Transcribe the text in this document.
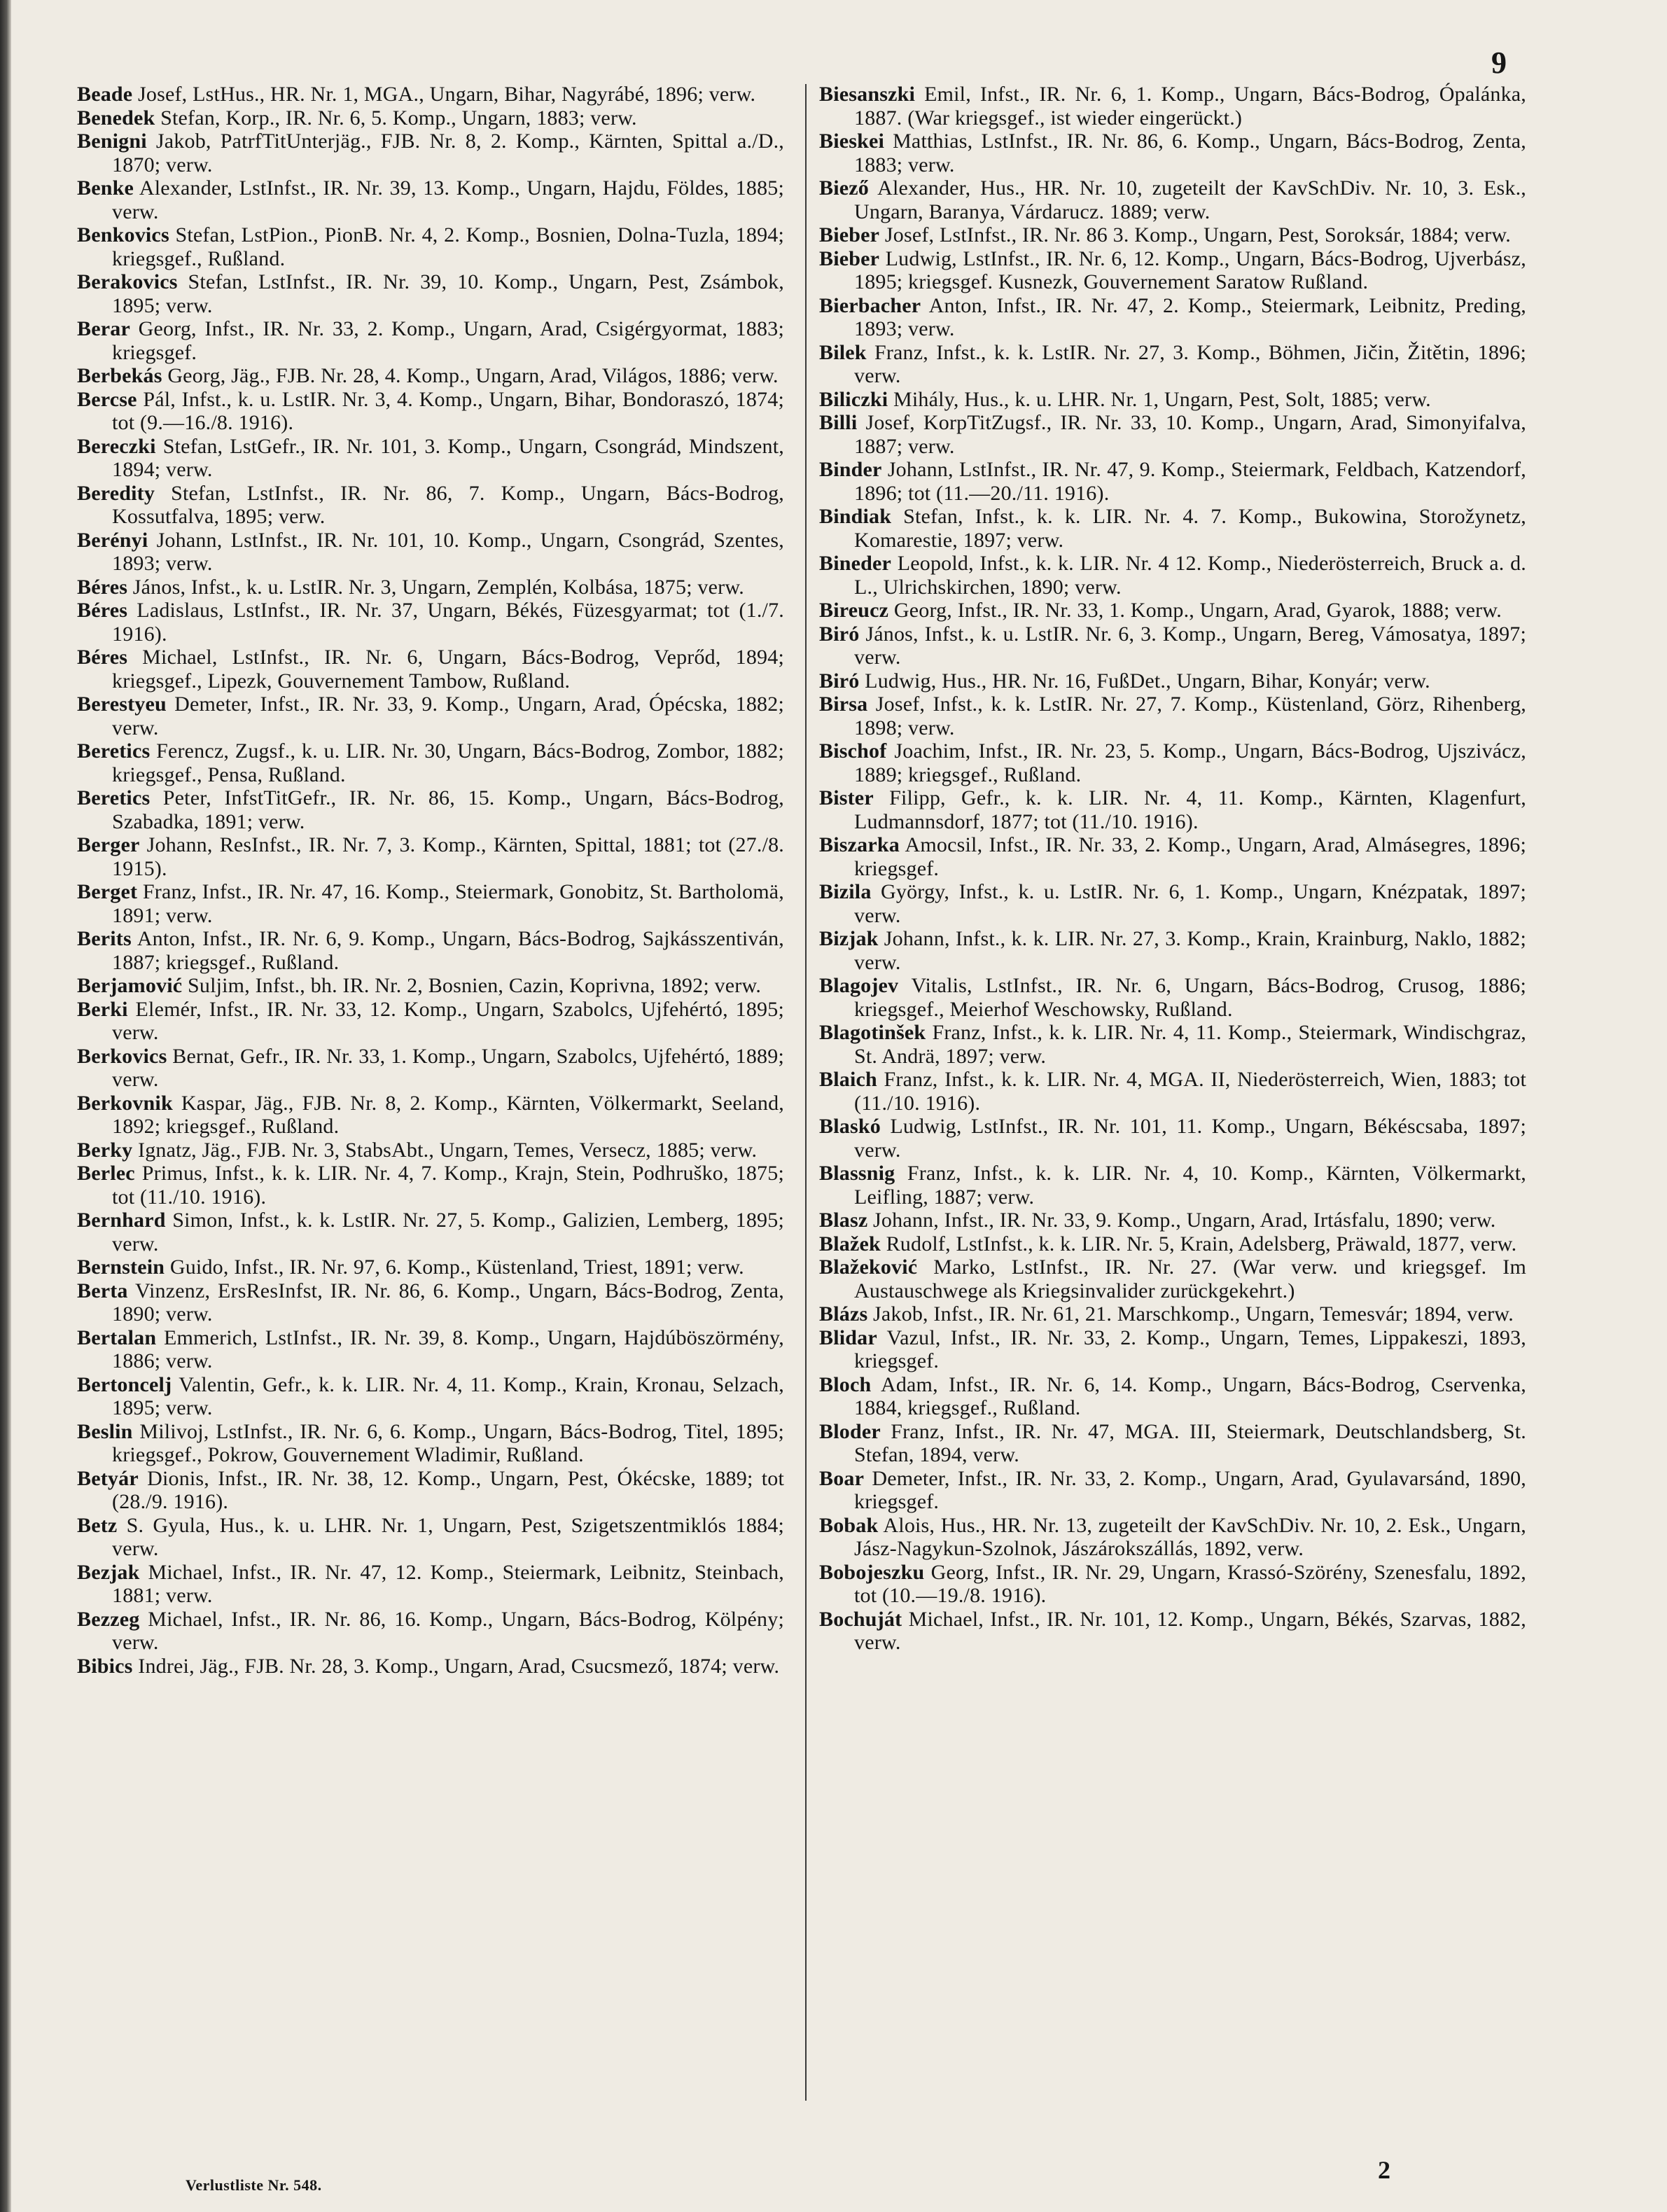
9

Beade Josef, LstHus., HR. Nr. 1, MGA., Ungarn, Bihar, Nagyrábé, 1896; verw.

Benedek Stefan, Korp., IR. Nr. 6, 5. Komp., Ungarn, 1883; verw.

Benigni Jakob, PatrfTitUnterjäg., FJB. Nr. 8, 2. Komp., Kärnten, Spittal a./D., 1870; verw.

Benke Alexander, LstInfst., IR. Nr. 39, 13. Komp., Ungarn, Hajdu, Földes, 1885; verw.

Benkovics Stefan, LstPion., PionB. Nr. 4, 2. Komp., Bosnien, Dolna-Tuzla, 1894; kriegsgef., Rußland.

Berakovics Stefan, LstInfst., IR. Nr. 39, 10. Komp., Ungarn, Pest, Zsámbok, 1895; verw.

Berar Georg, Infst., IR. Nr. 33, 2. Komp., Ungarn, Arad, Csigérgyormat, 1883; kriegsgef.

Berbekás Georg, Jäg., FJB. Nr. 28, 4. Komp., Ungarn, Arad, Világos, 1886; verw.

Bercse Pál, Infst., k. u. LstIR. Nr. 3, 4. Komp., Ungarn, Bihar, Bondoraszó, 1874; tot (9.—16./8. 1916).

Bereczki Stefan, LstGefr., IR. Nr. 101, 3. Komp., Ungarn, Csongrád, Mindszent, 1894; verw.

Beredity Stefan, LstInfst., IR. Nr. 86, 7. Komp., Ungarn, Bács-Bodrog, Kossutfalva, 1895; verw.

Berényi Johann, LstInfst., IR. Nr. 101, 10. Komp., Ungarn, Csongrád, Szentes, 1893; verw.

Béres János, Infst., k. u. LstIR. Nr. 3, Ungarn, Zemplén, Kolbása, 1875; verw.

Béres Ladislaus, LstInfst., IR. Nr. 37, Ungarn, Békés, Füzesgyarmat; tot (1./7. 1916).

Béres Michael, LstInfst., IR. Nr. 6, Ungarn, Bács-Bodrog, Veprőd, 1894; kriegsgef., Lipezk, Gouvernement Tambow, Rußland.

Berestyeu Demeter, Infst., IR. Nr. 33, 9. Komp., Ungarn, Arad, Ópécska, 1882; verw.

Beretics Ferencz, Zugsf., k. u. LIR. Nr. 30, Ungarn, Bács-Bodrog, Zombor, 1882; kriegsgef., Pensa, Rußland.

Beretics Peter, InfstTitGefr., IR. Nr. 86, 15. Komp., Ungarn, Bács-Bodrog, Szabadka, 1891; verw.

Berger Johann, ResInfst., IR. Nr. 7, 3. Komp., Kärnten, Spittal, 1881; tot (27./8. 1915).

Berget Franz, Infst., IR. Nr. 47, 16. Komp., Steiermark, Gonobitz, St. Bartholomä, 1891; verw.

Berits Anton, Infst., IR. Nr. 6, 9. Komp., Ungarn, Bács-Bodrog, Sajkásszentiván, 1887; kriegsgef., Rußland.

Berjamović Suljim, Infst., bh. IR. Nr. 2, Bosnien, Cazin, Koprivna, 1892; verw.

Berki Elemér, Infst., IR. Nr. 33, 12. Komp., Ungarn, Szabolcs, Ujfehértó, 1895; verw.

Berkovics Bernat, Gefr., IR. Nr. 33, 1. Komp., Ungarn, Szabolcs, Ujfehértó, 1889; verw.

Berkovnik Kaspar, Jäg., FJB. Nr. 8, 2. Komp., Kärnten, Völkermarkt, Seeland, 1892; kriegsgef., Rußland.

Berky Ignatz, Jäg., FJB. Nr. 3, StabsAbt., Ungarn, Temes, Versecz, 1885; verw.

Berlec Primus, Infst., k. k. LIR. Nr. 4, 7. Komp., Krajn, Stein, Podhruško, 1875; tot (11./10. 1916).

Bernhard Simon, Infst., k. k. LstIR. Nr. 27, 5. Komp., Galizien, Lemberg, 1895; verw.

Bernstein Guido, Infst., IR. Nr. 97, 6. Komp., Küstenland, Triest, 1891; verw.

Berta Vinzenz, ErsResInfst, IR. Nr. 86, 6. Komp., Ungarn, Bács-Bodrog, Zenta, 1890; verw.

Bertalan Emmerich, LstInfst., IR. Nr. 39, 8. Komp., Ungarn, Hajdúböszörmény, 1886; verw.

Bertoncelj Valentin, Gefr., k. k. LIR. Nr. 4, 11. Komp., Krain, Kronau, Selzach, 1895; verw.

Beslin Milivoj, LstInfst., IR. Nr. 6, 6. Komp., Ungarn, Bács-Bodrog, Titel, 1895; kriegsgef., Pokrow, Gouvernement Wladimir, Rußland.

Betyár Dionis, Infst., IR. Nr. 38, 12. Komp., Ungarn, Pest, Ókécske, 1889; tot (28./9. 1916).

Betz S. Gyula, Hus., k. u. LHR. Nr. 1, Ungarn, Pest, Szigetszentmiklós 1884; verw.

Bezjak Michael, Infst., IR. Nr. 47, 12. Komp., Steiermark, Leibnitz, Steinbach, 1881; verw.

Bezzeg Michael, Infst., IR. Nr. 86, 16. Komp., Ungarn, Bács-Bodrog, Kölpény; verw.

Bibics Indrei, Jäg., FJB. Nr. 28, 3. Komp., Ungarn, Arad, Csucsmező, 1874; verw.

Biesanszki Emil, Infst., IR. Nr. 6, 1. Komp., Ungarn, Bács-Bodrog, Ópalánka, 1887. (War kriegsgef., ist wieder eingerückt.)

Bieskei Matthias, LstInfst., IR. Nr. 86, 6. Komp., Ungarn, Bács-Bodrog, Zenta, 1883; verw.

Biező Alexander, Hus., HR. Nr. 10, zugeteilt der KavSchDiv. Nr. 10, 3. Esk., Ungarn, Baranya, Várdarucz. 1889; verw.

Bieber Josef, LstInfst., IR. Nr. 86 3. Komp., Ungarn, Pest, Soroksár, 1884; verw.

Bieber Ludwig, LstInfst., IR. Nr. 6, 12. Komp., Ungarn, Bács-Bodrog, Ujverbász, 1895; kriegsgef. Kusnezk, Gouvernement Saratow Rußland.

Bierbacher Anton, Infst., IR. Nr. 47, 2. Komp., Steiermark, Leibnitz, Preding, 1893; verw.

Bilek Franz, Infst., k. k. LstIR. Nr. 27, 3. Komp., Böhmen, Jičin, Žitětin, 1896; verw.

Biliczki Mihály, Hus., k. u. LHR. Nr. 1, Ungarn, Pest, Solt, 1885; verw.

Billi Josef, KorpTitZugsf., IR. Nr. 33, 10. Komp., Ungarn, Arad, Simonyifalva, 1887; verw.

Binder Johann, LstInfst., IR. Nr. 47, 9. Komp., Steiermark, Feldbach, Katzendorf, 1896; tot (11.—20./11. 1916).

Bindiak Stefan, Infst., k. k. LIR. Nr. 4. 7. Komp., Bukowina, Storožynetz, Komarestie, 1897; verw.

Bineder Leopold, Infst., k. k. LIR. Nr. 4 12. Komp., Niederösterreich, Bruck a. d. L., Ulrichskirchen, 1890; verw.

Bireucz Georg, Infst., IR. Nr. 33, 1. Komp., Ungarn, Arad, Gyarok, 1888; verw.

Biró János, Infst., k. u. LstIR. Nr. 6, 3. Komp., Ungarn, Bereg, Vámosatya, 1897; verw.

Biró Ludwig, Hus., HR. Nr. 16, FußDet., Ungarn, Bihar, Konyár; verw.

Birsa Josef, Infst., k. k. LstIR. Nr. 27, 7. Komp., Küstenland, Görz, Rihenberg, 1898; verw.

Bischof Joachim, Infst., IR. Nr. 23, 5. Komp., Ungarn, Bács-Bodrog, Ujszivácz, 1889; kriegsgef., Rußland.

Bister Filipp, Gefr., k. k. LIR. Nr. 4, 11. Komp., Kärnten, Klagenfurt, Ludmannsdorf, 1877; tot (11./10. 1916).

Biszarka Amocsil, Infst., IR. Nr. 33, 2. Komp., Ungarn, Arad, Almásegres, 1896; kriegsgef.

Bizila György, Infst., k. u. LstIR. Nr. 6, 1. Komp., Ungarn, Knézpatak, 1897; verw.

Bizjak Johann, Infst., k. k. LIR. Nr. 27, 3. Komp., Krain, Krainburg, Naklo, 1882; verw.

Blagojev Vitalis, LstInfst., IR. Nr. 6, Ungarn, Bács-Bodrog, Crusog, 1886; kriegsgef., Meierhof Weschowsky, Rußland.

Blagotinšek Franz, Infst., k. k. LIR. Nr. 4, 11. Komp., Steiermark, Windischgraz, St. Andrä, 1897; verw.

Blaich Franz, Infst., k. k. LIR. Nr. 4, MGA. II, Niederösterreich, Wien, 1883; tot (11./10. 1916).

Blaskó Ludwig, LstInfst., IR. Nr. 101, 11. Komp., Ungarn, Békéscsaba, 1897; verw.

Blassnig Franz, Infst., k. k. LIR. Nr. 4, 10. Komp., Kärnten, Völkermarkt, Leifling, 1887; verw.

Blasz Johann, Infst., IR. Nr. 33, 9. Komp., Ungarn, Arad, Irtásfalu, 1890; verw.

Blažek Rudolf, LstInfst., k. k. LIR. Nr. 5, Krain, Adelsberg, Präwald, 1877, verw.

Blažeković Marko, LstInfst., IR. Nr. 27. (War verw. und kriegsgef. Im Austauschwege als Kriegsinvalider zurückgekehrt.)

Blázs Jakob, Infst., IR. Nr. 61, 21. Marschkomp., Ungarn, Temesvár; 1894, verw.

Blidar Vazul, Infst., IR. Nr. 33, 2. Komp., Ungarn, Temes, Lippakeszi, 1893, kriegsgef.

Bloch Adam, Infst., IR. Nr. 6, 14. Komp., Ungarn, Bács-Bodrog, Cservenka, 1884, kriegsgef., Rußland.

Bloder Franz, Infst., IR. Nr. 47, MGA. III, Steiermark, Deutschlandsberg, St. Stefan, 1894, verw.

Boar Demeter, Infst., IR. Nr. 33, 2. Komp., Ungarn, Arad, Gyulavarsánd, 1890, kriegsgef.

Bobak Alois, Hus., HR. Nr. 13, zugeteilt der KavSchDiv. Nr. 10, 2. Esk., Ungarn, Jász-Nagykun-Szolnok, Jászárokszállás, 1892, verw.

Bobojeszku Georg, Infst., IR. Nr. 29, Ungarn, Krassó-Szörény, Szenesfalu, 1892, tot (10.—19./8. 1916).

Bochuját Michael, Infst., IR. Nr. 101, 12. Komp., Ungarn, Békés, Szarvas, 1882, verw.

Verlustliste Nr. 548.
2
